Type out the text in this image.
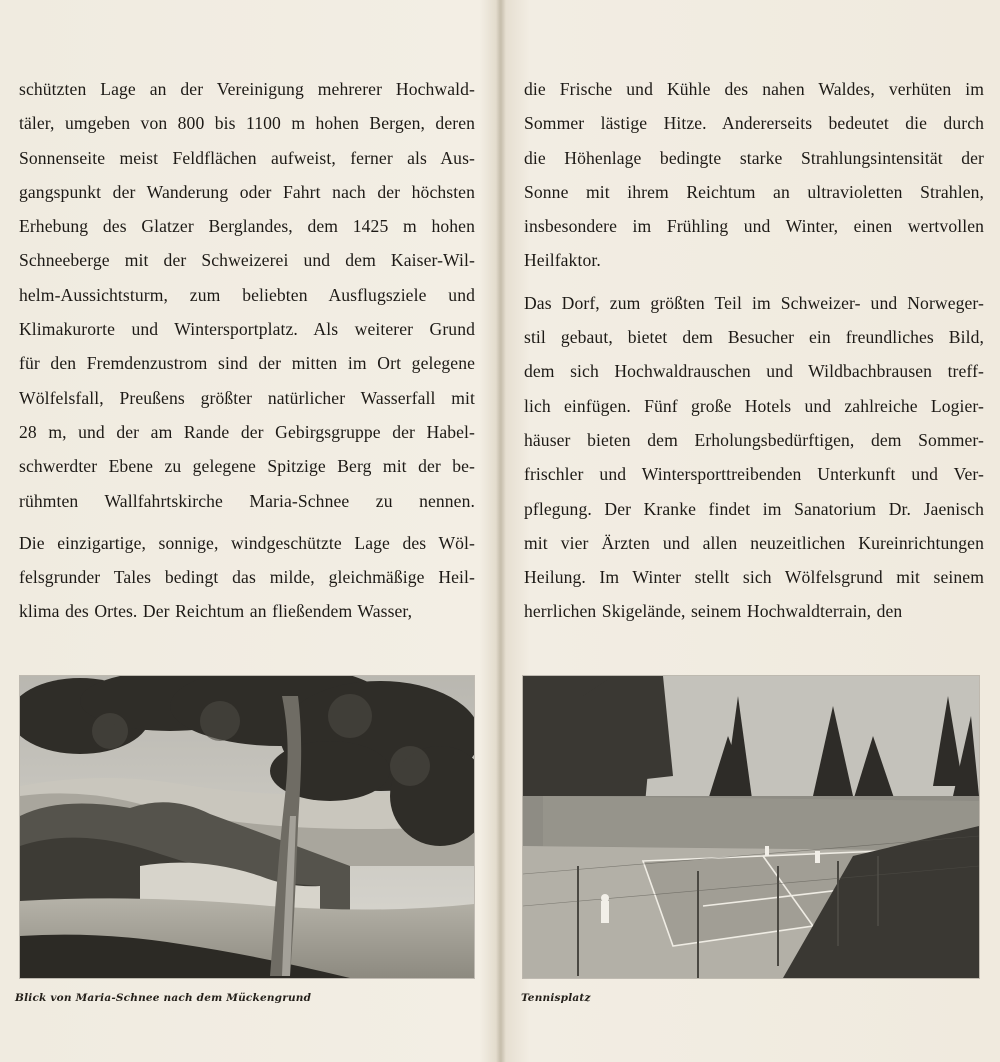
schützten Lage an der Vereinigung mehrerer Hochwald-
täler, umgeben von 800 bis 1100 m hohen Bergen, deren
Sonnenseite meist Feldflächen aufweist, ferner als Aus-
gangspunkt der Wanderung oder Fahrt nach der höchsten
Erhebung des Glatzer Berglandes, dem 1425 m hohen
Schneeberge mit der Schweizerei und dem Kaiser-Wil-
helm-Aussichtsturm, zum beliebten Ausflugsziele und
Klimakurorte und Wintersportplatz. Als weiterer Grund
für den Fremdenzustrom sind der mitten im Ort gelegene
Wölfelsfall, Preußens größter natürlicher Wasserfall mit
28 m, und der am Rande der Gebirgsgruppe der Habel-
schwerdter Ebene zu gelegene Spitzige Berg mit der be-
rühmten Wallfahrtskirche Maria-Schnee zu nennen.

Die einzigartige, sonnige, windgeschützte Lage des Wöl-
felsgrunder Tales bedingt das milde, gleichmäßige Heil-
klima des Ortes. Der Reichtum an fließendem Wasser,

Blick von Maria-Schnee nach dem Mückengrund

die Frische und Kühle des nahen Waldes, verhüten im
Sommer lästige Hitze. Andererseits bedeutet die durch
die Höhenlage bedingte starke Strahlungsintensität der
Sonne mit ihrem Reichtum an ultravioletten Strahlen,
insbesondere im Frühling und Winter, einen wertvollen
Heilfaktor.

Das Dorf, zum größten Teil im Schweizer- und Norweger-
stil gebaut, bietet dem Besucher ein freundliches Bild,
dem sich Hochwaldrauschen und Wildbachbrausen treff-
lich einfügen. Fünf große Hotels und zahlreiche Logier-
häuser bieten dem Erholungsbedürftigen, dem Sommer-
frischler und Wintersporttreibenden Unterkunft und Ver-
pflegung. Der Kranke findet im Sanatorium Dr. Jaenisch
mit vier Ärzten und allen neuzeitlichen Kureinrichtungen
Heilung. Im Winter stellt sich Wölfelsgrund mit seinem
herrlichen Skigelände, seinem Hochwaldterrain, den

Tennisplatz
